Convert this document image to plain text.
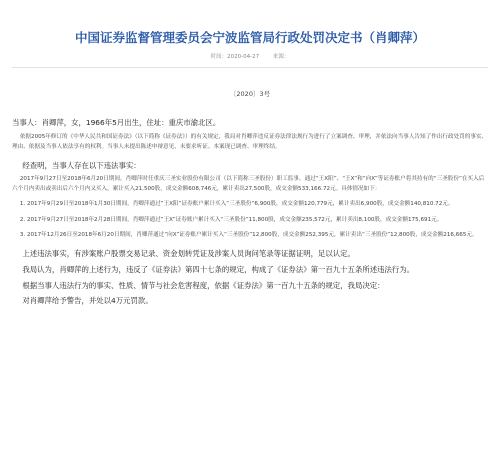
中国证券监督管理委员会宁波监管局行政处罚决定书（肖卿萍）
时间：2020-04-27	来源：
〔2020〕3号

当事人：肖卿萍，女，1966年5月出生，住址：重庆市渝北区。

依据2005年修订的《中华人民共和国证券法》（以下简称《证券法》）的有关规定，我局对肖卿萍违反证券法律法规行为进行了立案调查、审理，并依法向当事人告知了作出行政处罚的事实、理由、依据及当事人依法享有的权利。当事人未提出陈述申辩意见，未要求听证。本案现已调查、审理终结。

经查明，当事人存在以下违法事实：

2017年9月27日至2018年6月20日期间，肖卿萍时任重庆三圣实业股份有限公司（以下简称三圣股份）职工监事，通过“王X阳”、“王X”和“向X”等证券账户将其持有的“三圣股份”在买入后六个月内卖出或卖出后六个月内又买入，累计买入21,500股，成交金额608,746元，累计卖出27,500股，成交金额533,166.72元。具体情况如下：

1. 2017年9月29日至2018年1月30日期间，肖卿萍通过“王X阳”证券账户累计买入“三圣股份”6,900股，成交金额120,779元，累计卖出6,900股，成交金额140,810.72元。

2. 2017年9月27日至2018年2月28日期间，肖卿萍通过“王X”证券账户累计买入“三圣股份”11,800股，成交金额235,572元，累计卖出8,100股，成交金额175,691元。

3. 2017年12月26日至2018年6月20日期间，肖卿萍通过“向X”证券账户累计买入“三圣股份”12,800股，成交金额252,395元，累计卖出“三圣股份”12,800股，成交金额216,665元。

上述违法事实，有涉案账户股票交易记录、资金划转凭证及涉案人员询问笔录等证据证明，足以认定。

我局认为，肖卿萍的上述行为，违反了《证券法》第四十七条的规定，构成了《证券法》第一百九十五条所述违法行为。

根据当事人违法行为的事实、性质、情节与社会危害程度，依据《证券法》第一百九十五条的规定，我局决定：

对肖卿萍给予警告，并处以4万元罚款。
